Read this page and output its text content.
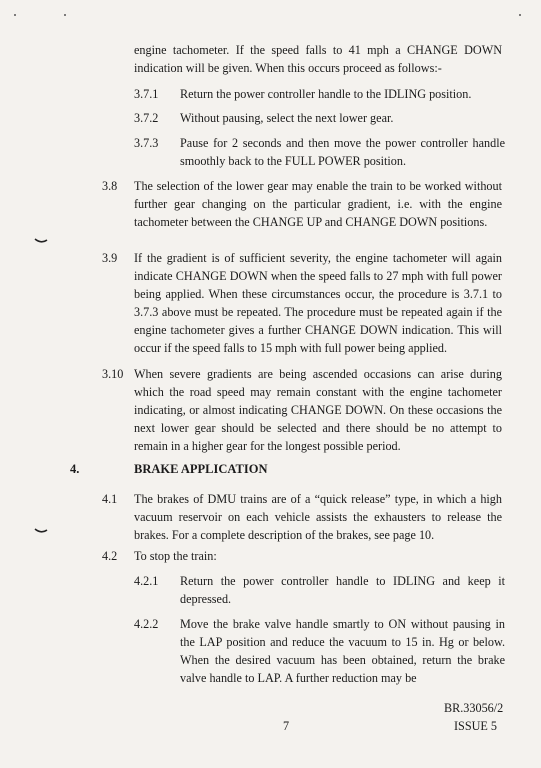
engine tachometer. If the speed falls to 41 mph a CHANGE DOWN indication will be given. When this occurs proceed as follows:-

3.7.1 Return the power controller handle to the IDLING position.

3.7.2 Without pausing, select the next lower gear.

3.7.3 Pause for 2 seconds and then move the power controller handle smoothly back to the FULL POWER position.

3.8 The selection of the lower gear may enable the train to be worked without further gear changing on the particular gradient, i.e. with the engine tachometer between the CHANGE UP and CHANGE DOWN positions.

3.9 If the gradient is of sufficient severity, the engine tachometer will again indicate CHANGE DOWN when the speed falls to 27 mph with full power being applied. When these circumstances occur, the procedure is 3.7.1 to 3.7.3 above must be repeated. The procedure must be repeated again if the engine tachometer gives a further CHANGE DOWN indication. This will occur if the speed falls to 15 mph with full power being applied.

3.10 When severe gradients are being ascended occasions can arise during which the road speed may remain constant with the engine tachometer indicating, or almost indicating CHANGE DOWN. On these occasions the next lower gear should be selected and there should be no attempt to remain in a higher gear for the longest possible period.

4.	BRAKE APPLICATION

4.1 The brakes of DMU trains are of a “quick release” type, in which a high vacuum reservoir on each vehicle assists the exhausters to release the brakes. For a complete description of the brakes, see page 10.

4.2 To stop the train:

4.2.1 Return the power controller handle to IDLING and keep it depressed.

4.2.2 Move the brake valve handle smartly to ON without pausing in the LAP position and reduce the vacuum to 15 in. Hg or below. When the desired vacuum has been obtained, return the brake valve handle to LAP. A further reduction may be

BR.33056/2

7	ISSUE 5
